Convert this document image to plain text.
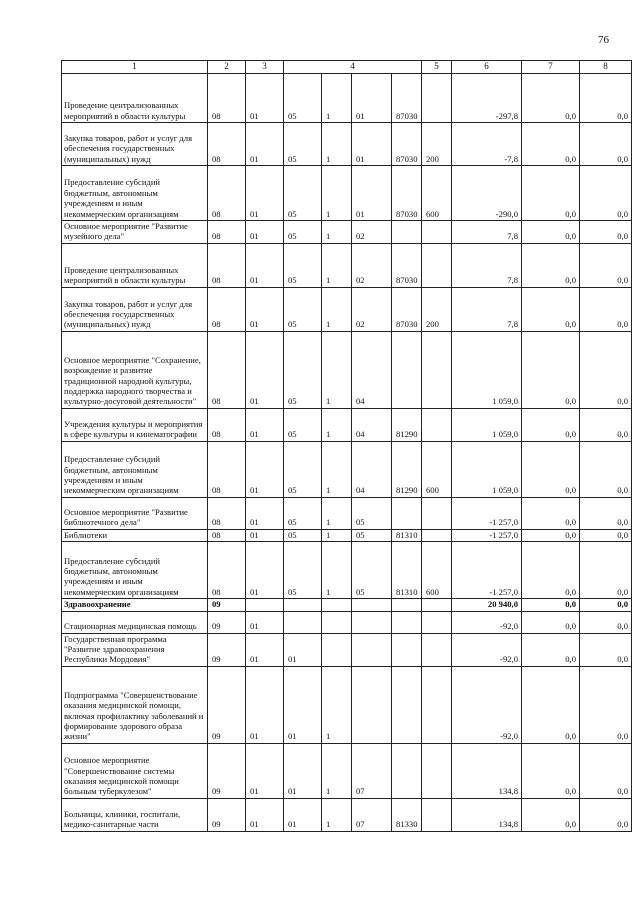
76
1	2	3	4				5	6	7	8
Проведение централизованных мероприятий в области культуры	08	01	05	1	01	87030		-297,8	0,0	0,0
Закупка товаров, работ и услуг для обеспечения государственных (муниципальных) нужд	08	01	05	1	01	87030	200	-7,8	0,0	0,0
Предоставление субсидий бюджетным, автономным учреждениям и иным некоммерческим организациям	08	01	05	1	01	87030	600	-290,0	0,0	0,0
Основное мероприятие "Развитие музейного дела"	08	01	05	1	02			7,8	0,0	0,0
Проведение централизованных мероприятий в области культуры	08	01	05	1	02	87030		7,8	0,0	0,0
Закупка товаров, работ и услуг для обеспечения государственных (муниципальных) нужд	08	01	05	1	02	87030	200	7,8	0,0	0,0
Основное мероприятие "Сохранение, возрождение и развитие традиционной народной культуры, поддержка народного творчества и культурно-досуговой деятельности"	08	01	05	1	04			1 059,0	0,0	0,0
Учреждения культуры и мероприятия в сфере культуры и кинематографии	08	01	05	1	04	81290		1 059,0	0,0	0,0
Предоставление субсидий бюджетным, автономным учреждениям и иным некоммерческим организациям	08	01	05	1	04	81290	600	1 059,0	0,0	0,0
Основное мероприятие "Развитие библиотечного дела"	08	01	05	1	05			-1 257,0	0,0	0,0
Библиотеки	08	01	05	1	05	81310		-1 257,0	0,0	0,0
Предоставление субсидий бюджетным, автономным учреждениям и иным некоммерческим организациям	08	01	05	1	05	81310	600	-1 257,0	0,0	0,0
Здравоохранение	09							20 940,0	0,0	0,0
Стационарная медицинская помощь	09	01						-92,0	0,0	0,0
Государственная программа "Развитие здравоохранения Республики Мордовия"	09	01	01					-92,0	0,0	0,0
Подпрограмма "Совершенствование оказания медицинской помощи, включая профилактику заболеваний и формирование здорового образа жизни"	09	01	01	1				-92,0	0,0	0,0
Основное мероприятие "Совершенствование системы оказания медицинской помощи больным туберкулезом"	09	01	01	1	07			134,8	0,0	0,0
Больницы, клиники, госпитали, медико-санитарные части	09	01	01	1	07	81330		134,8	0,0	0,0
